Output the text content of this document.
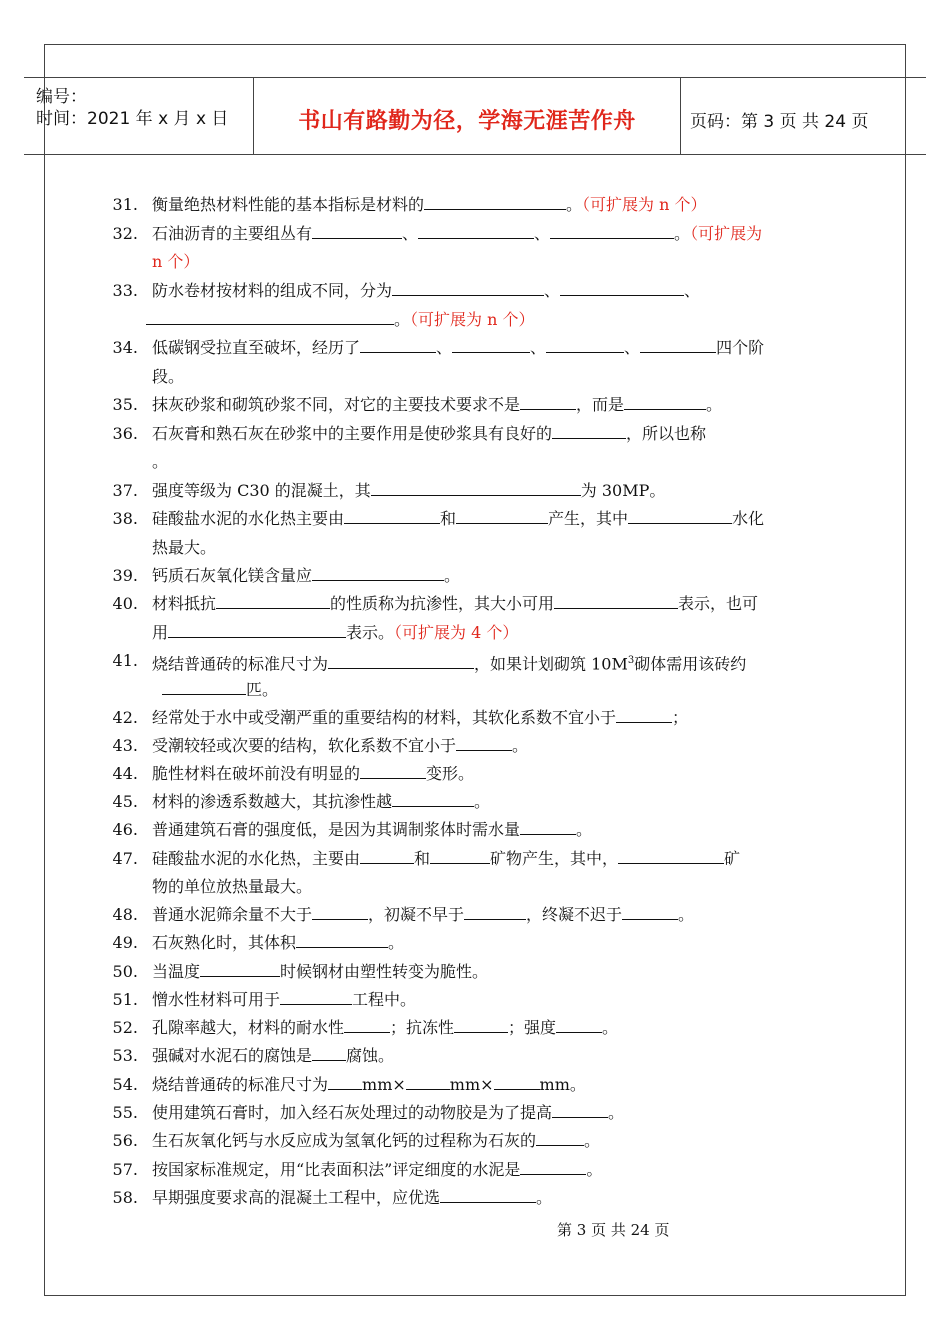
编号：
时间：2021 年 x 月 x 日	书山有路勤为径，学海无涯苦作舟	页码：第 3 页 共 24 页
31. 衡量绝热材料性能的基本指标是材料的	。（可扩展为 n 个）
32. 石油沥青的主要组丛有	、	、	。（可扩展为
n 个）
33. 防水卷材按材料的组成不同，分为	、	、
。（可扩展为 n 个）
34. 低碳钢受拉直至破坏，经历了	、	、	、	四个阶
段。
35. 抹灰砂浆和砌筑砂浆不同，对它的主要技术要求不是	，而是	。
36. 石灰膏和熟石灰在砂浆中的主要作用是使砂浆具有良好的	，所以也称
。
37. 强度等级为 C30 的混凝土，其	为 30MP。
38. 硅酸盐水泥的水化热主要由	和	产生，其中	水化
热最大。
39. 钙质石灰氧化镁含量应	。
40. 材料抵抗	的性质称为抗渗性，其大小可用	表示，也可
用	表示。（可扩展为 4 个）
41. 烧结普通砖的标准尺寸为	，如果计划砌筑 $10M^3$砌体需用该砖约
匹。
42. 经常处于水中或受潮严重的重要结构的材料，其软化系数不宜小于	；
43. 受潮较轻或次要的结构，软化系数不宜小于	。
44. 脆性材料在破坏前没有明显的	变形。
45. 材料的渗透系数越大，其抗渗性越	。
46. 普通建筑石膏的强度低，是因为其调制浆体时需水量	。
47. 硅酸盐水泥的水化热，主要由	和	矿物产生，其中，	矿
物的单位放热量最大。
48. 普通水泥筛余量不大于	，初凝不早于	，终凝不迟于	。
49. 石灰熟化时，其体积	。
50. 当温度	时候钢材由塑性转变为脆性。
51. 憎水性材料可用于	工程中。
52. 孔隙率越大，材料的耐水性	；抗冻性	；强度	。
53. 强碱对水泥石的腐蚀是 腐蚀。
54. 烧结普通砖的标准尺寸为 mm×	mm×	mm。
55. 使用建筑石膏时，加入经石灰处理过的动物胶是为了提高	。
56. 生石灰氧化钙与水反应成为氢氧化钙的过程称为石灰的	。
57. 按国家标准规定，用“比表面积法”评定细度的水泥是	。
58. 早期强度要求高的混凝土工程中，应优选	。
第 3 页 共 24 页
